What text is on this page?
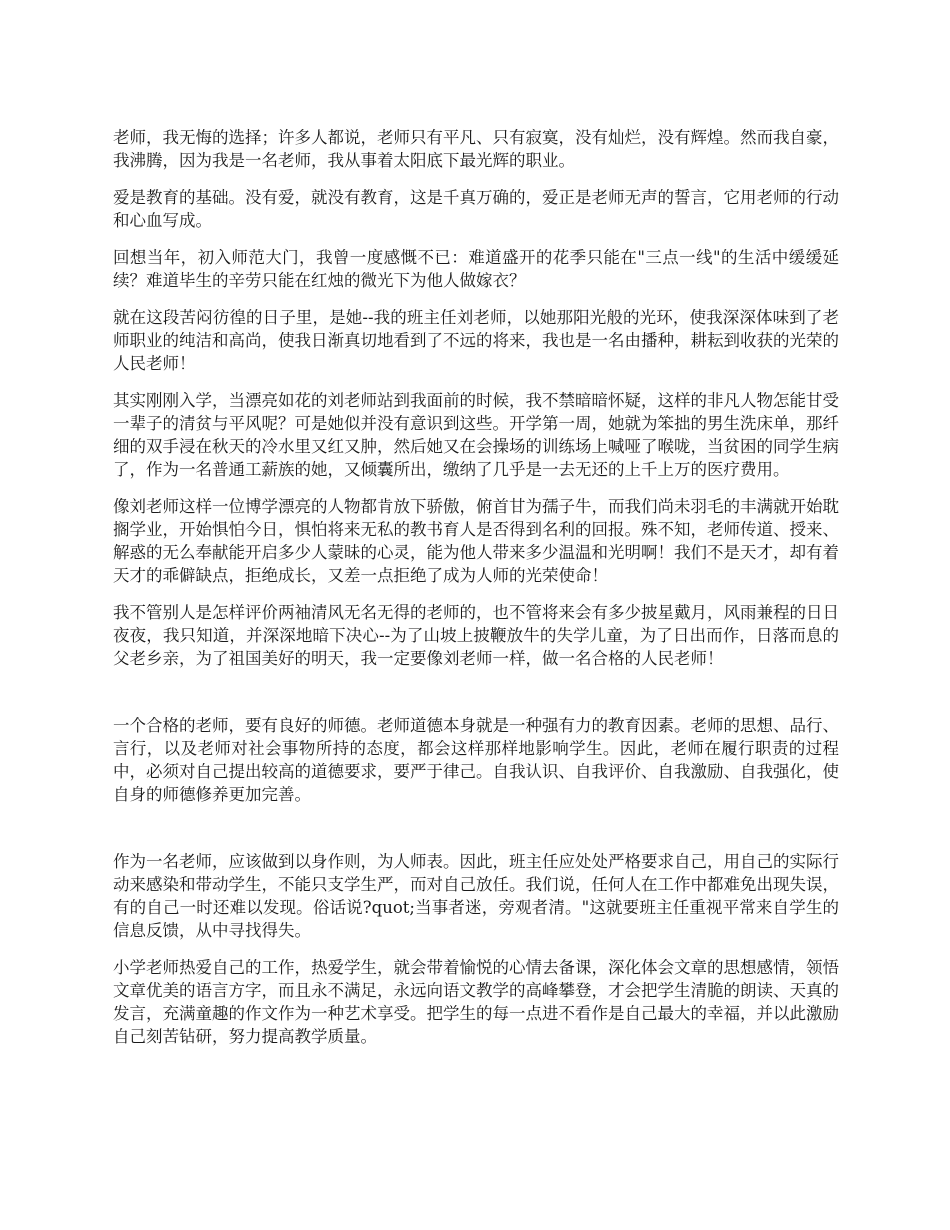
老师，我无悔的选择；许多人都说，老师只有平凡、只有寂寞，没有灿烂，没有辉煌。然而我自豪，我沸腾，因为我是一名老师，我从事着太阳底下最光辉的职业。

爱是教育的基础。没有爱，就没有教育，这是千真万确的，爱正是老师无声的誓言，它用老师的行动和心血写成。

回想当年，初入师范大门，我曾一度感慨不已：难道盛开的花季只能在"三点一线"的生活中缓缓延续？难道毕生的辛劳只能在红烛的微光下为他人做嫁衣？

就在这段苦闷彷徨的日子里，是她--我的班主任刘老师，以她那阳光般的光环，使我深深体味到了老师职业的纯洁和高尚，使我日渐真切地看到了不远的将来，我也是一名由播种，耕耘到收获的光荣的人民老师！

其实刚刚入学，当漂亮如花的刘老师站到我面前的时候，我不禁暗暗怀疑，这样的非凡人物怎能甘受一辈子的清贫与平风呢？可是她似并没有意识到这些。开学第一周，她就为笨拙的男生洗床单，那纤细的双手浸在秋天的冷水里又红又肿，然后她又在会操场的训练场上喊哑了喉咙，当贫困的同学生病了，作为一名普通工薪族的她，又倾囊所出，缴纳了几乎是一去无还的上千上万的医疗费用。

像刘老师这样一位博学漂亮的人物都肯放下骄傲，俯首甘为孺子牛，而我们尚未羽毛的丰满就开始耽搁学业，开始惧怕今日，惧怕将来无私的教书育人是否得到名利的回报。殊不知，老师传道、授来、解惑的无么奉献能开启多少人蒙昧的心灵，能为他人带来多少温温和光明啊！我们不是天才，却有着天才的乖僻缺点，拒绝成长，又差一点拒绝了成为人师的光荣使命！

我不管别人是怎样评价两袖清风无名无得的老师的，也不管将来会有多少披星戴月，风雨兼程的日日夜夜，我只知道，并深深地暗下决心--为了山坡上披鞭放牛的失学儿童，为了日出而作，日落而息的父老乡亲，为了祖国美好的明天，我一定要像刘老师一样，做一名合格的人民老师！

一个合格的老师，要有良好的师德。老师道德本身就是一种强有力的教育因素。老师的思想、品行、言行，以及老师对社会事物所持的态度，都会这样那样地影响学生。因此，老师在履行职责的过程中，必须对自己提出较高的道德要求，要严于律己。自我认识、自我评价、自我激励、自我强化，使自身的师德修养更加完善。

作为一名老师，应该做到以身作则，为人师表。因此，班主任应处处严格要求自己，用自己的实际行动来感染和带动学生，不能只支学生严，而对自己放任。我们说，任何人在工作中都难免出现失误，有的自己一时还难以发现。俗话说?quot;当事者迷，旁观者清。"这就要班主任重视平常来自学生的信息反馈，从中寻找得失。

小学老师热爱自己的工作，热爱学生，就会带着愉悦的心情去备课，深化体会文章的思想感情，领悟文章优美的语言方字，而且永不满足，永远向语文教学的高峰攀登，才会把学生清脆的朗读、天真的发言，充满童趣的作文作为一种艺术享受。把学生的每一点进不看作是自己最大的幸福，并以此激励自己刻苦钻研，努力提高教学质量。
